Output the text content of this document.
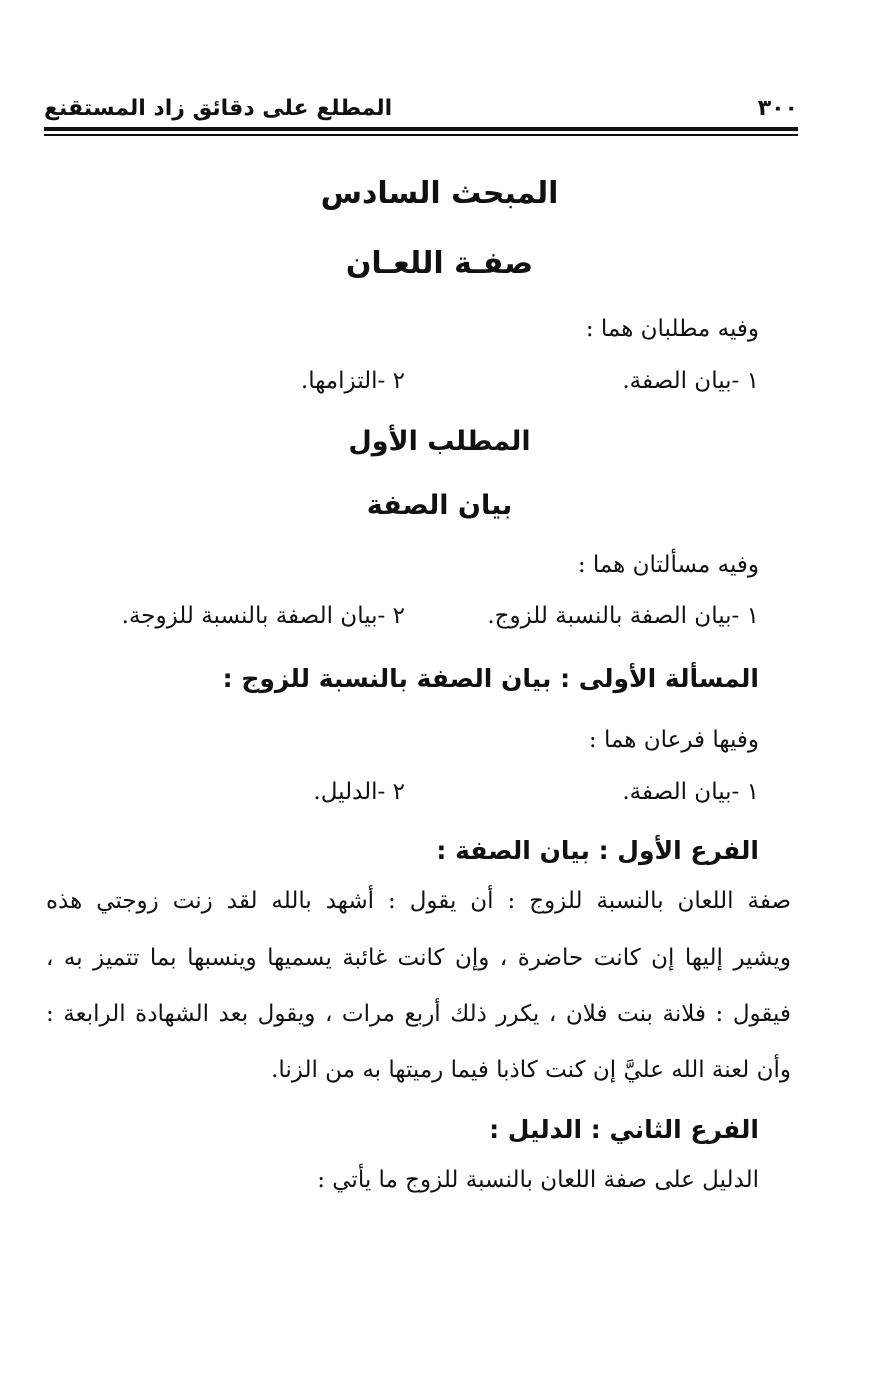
٣٠٠
المطلع على دقائق زاد المستقنع
المبحث السادس
صفـة اللعـان
وفيه مطلبان هما :
١ -بيان الصفة.
٢ -التزامها.
المطلب الأول
بيان الصفة
وفيه مسألتان هما :
١ -بيان الصفة بالنسبة للزوج.
٢ -بيان الصفة بالنسبة للزوجة.
المسألة الأولى : بيان الصفة بالنسبة للزوج :
وفيها فرعان هما :
١ -بيان الصفة.
٢ -الدليل.
الفرع الأول : بيان الصفة :
صفة اللعان بالنسبة للزوج : أن يقول : أشهد بالله لقد زنت زوجتي هذه
ويشير إليها إن كانت حاضرة ، وإن كانت غائبة يسميها وينسبها بما تتميز به ،
فيقول : فلانة بنت فلان ، يكرر ذلك أربع مرات ، ويقول بعد الشهادة الرابعة :
وأن لعنة الله عليَّ إن كنت كاذبا فيما رميتها به من الزنا.
الفرع الثاني : الدليل :
الدليل على صفة اللعان بالنسبة للزوج ما يأتي :
